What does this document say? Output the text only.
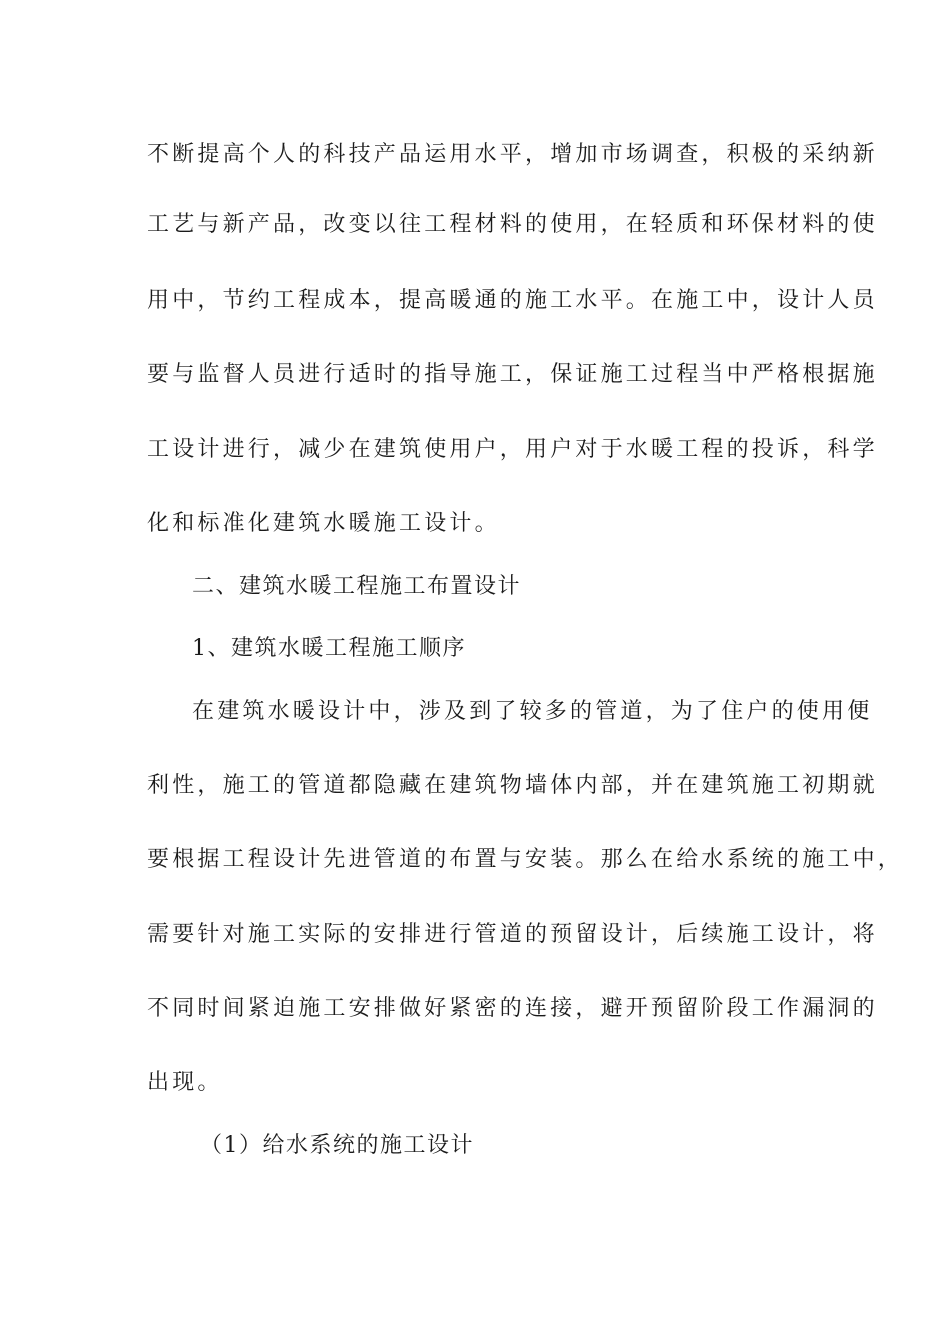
不断提高个人的科技产品运用水平，增加市场调查，积极的采纳新
工艺与新产品，改变以往工程材料的使用，在轻质和环保材料的使
用中，节约工程成本，提高暖通的施工水平。在施工中，设计人员
要与监督人员进行适时的指导施工，保证施工过程当中严格根据施
工设计进行，减少在建筑使用户，用户对于水暖工程的投诉，科学
化和标准化建筑水暖施工设计。
二、建筑水暖工程施工布置设计
1、建筑水暖工程施工顺序
在建筑水暖设计中，涉及到了较多的管道，为了住户的使用便
利性，施工的管道都隐藏在建筑物墙体内部，并在建筑施工初期就
要根据工程设计先进管道的布置与安装。那么在给水系统的施工中，
需要针对施工实际的安排进行管道的预留设计，后续施工设计，将
不同时间紧迫施工安排做好紧密的连接，避开预留阶段工作漏洞的
出现。
（1）给水系统的施工设计
